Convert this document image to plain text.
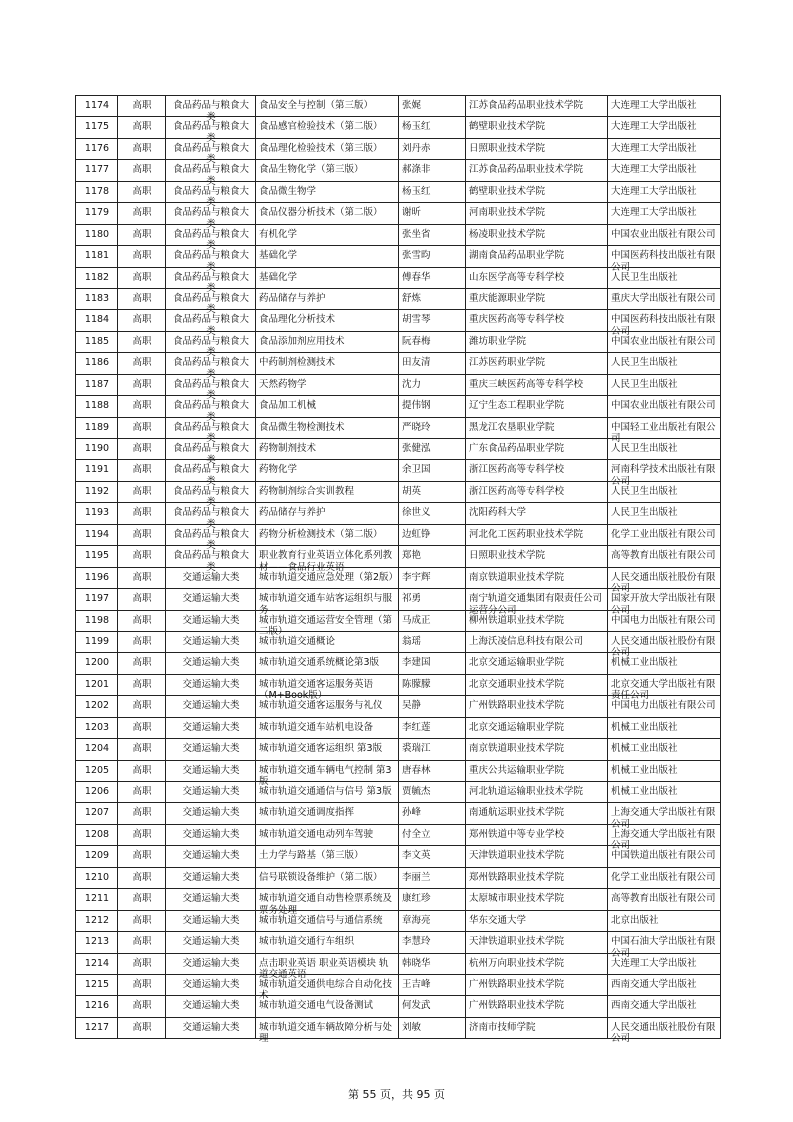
1174	高职	食品药品与粮食大类	食品安全与控制（第三版）	张娓	江苏食品药品职业技术学院	大连理工大学出版社

1175	高职	食品药品与粮食大类	食品感官检验技术（第二版）	杨玉红	鹤壁职业技术学院	大连理工大学出版社

1176	高职	食品药品与粮食大类	食品理化检验技术（第三版）	刘丹赤	日照职业技术学院	大连理工大学出版社

1177	高职	食品药品与粮食大类	食品生物化学（第三版）	郝涤非	江苏食品药品职业技术学院	大连理工大学出版社

1178	高职	食品药品与粮食大类	食品微生物学	杨玉红	鹤壁职业技术学院	大连理工大学出版社

1179	高职	食品药品与粮食大类	食品仪器分析技术（第二版）	谢昕	河南职业技术学院	大连理工大学出版社

1180	高职	食品药品与粮食大类	有机化学	张坐省	杨凌职业技术学院	中国农业出版社有限公司

1181	高职	食品药品与粮食大类	基础化学	张雪昀	湖南食品药品职业学院	中国医药科技出版社有限公司

1182	高职	食品药品与粮食大类	基础化学	傅春华	山东医学高等专科学校	人民卫生出版社

1183	高职	食品药品与粮食大类	药品储存与养护	舒炼	重庆能源职业学院	重庆大学出版社有限公司

1184	高职	食品药品与粮食大类	食品理化分析技术	胡雪琴	重庆医药高等专科学校	中国医药科技出版社有限公司

1185	高职	食品药品与粮食大类	食品添加剂应用技术	阮春梅	潍坊职业学院	中国农业出版社有限公司

1186	高职	食品药品与粮食大类	中药制剂检测技术	田友清	江苏医药职业学院	人民卫生出版社

1187	高职	食品药品与粮食大类	天然药物学	沈力	重庆三峡医药高等专科学校	人民卫生出版社

1188	高职	食品药品与粮食大类	食品加工机械	提伟钢	辽宁生态工程职业学院	中国农业出版社有限公司

1189	高职	食品药品与粮食大类	食品微生物检测技术	严晓玲	黑龙江农垦职业学院	中国轻工业出版社有限公司

1190	高职	食品药品与粮食大类	药物制剂技术	张健泓	广东食品药品职业学院	人民卫生出版社

1191	高职	食品药品与粮食大类	药物化学	余卫国	浙江医药高等专科学校	河南科学技术出版社有限公司

1192	高职	食品药品与粮食大类	药物制剂综合实训教程	胡英	浙江医药高等专科学校	人民卫生出版社

1193	高职	食品药品与粮食大类	药品储存与养护	徐世义	沈阳药科大学	人民卫生出版社

1194	高职	食品药品与粮食大类	药物分析检测技术（第二版）	边虹铮	河北化工医药职业技术学院	化学工业出版社有限公司

1195	高职	食品药品与粮食大类	职业教育行业英语立体化系列教材——食品行业英语	郑艳	日照职业技术学院	高等教育出版社有限公司

1196	高职	交通运输大类	城市轨道交通应急处理（第2版）	李宇辉	南京铁道职业技术学院	人民交通出版社股份有限公司

1197	高职	交通运输大类	城市轨道交通车站客运组织与服务	祁勇	南宁轨道交通集团有限责任公司运营分公司	国家开放大学出版社有限公司

1198	高职	交通运输大类	城市轨道交通运营安全管理（第二版）	马成正	柳州铁道职业技术学院	中国电力出版社有限公司

1199	高职	交通运输大类	城市轨道交通概论	翁瑶	上海沃凌信息科技有限公司	人民交通出版社股份有限公司

1200	高职	交通运输大类	城市轨道交通系统概论第3版	李建国	北京交通运输职业学院	机械工业出版社

1201	高职	交通运输大类	城市轨道交通客运服务英语（M+Book版）	陈朦朦	北京交通职业技术学院	北京交通大学出版社有限责任公司

1202	高职	交通运输大类	城市轨道交通客运服务与礼仪	吴静	广州铁路职业技术学院	中国电力出版社有限公司

1203	高职	交通运输大类	城市轨道交通车站机电设备	李红莲	北京交通运输职业学院	机械工业出版社

1204	高职	交通运输大类	城市轨道交通客运组织 第3版	裘瑞江	南京铁道职业技术学院	机械工业出版社

1205	高职	交通运输大类	城市轨道交通车辆电气控制 第3版	唐春林	重庆公共运输职业学院	机械工业出版社

1206	高职	交通运输大类	城市轨道交通通信与信号 第3版	贾毓杰	河北轨道运输职业技术学院	机械工业出版社

1207	高职	交通运输大类	城市轨道交通调度指挥	孙峰	南通航运职业技术学院	上海交通大学出版社有限公司

1208	高职	交通运输大类	城市轨道交通电动列车驾驶	付全立	郑州铁道中等专业学校	上海交通大学出版社有限公司

1209	高职	交通运输大类	土力学与路基（第三版）	李文英	天津铁道职业技术学院	中国铁道出版社有限公司

1210	高职	交通运输大类	信号联锁设备维护（第二版）	李丽兰	郑州铁路职业技术学院	化学工业出版社有限公司

1211	高职	交通运输大类	城市轨道交通自动售检票系统及票务处理	康红珍	太原城市职业技术学院	高等教育出版社有限公司

1212	高职	交通运输大类	城市轨道交通信号与通信系统	章海亮	华东交通大学	北京出版社

1213	高职	交通运输大类	城市轨道交通行车组织	李慧玲	天津铁道职业技术学院	中国石油大学出版社有限公司

1214	高职	交通运输大类	点击职业英语 职业英语模块 轨道交通英语	韩晓华	杭州万向职业技术学院	大连理工大学出版社

1215	高职	交通运输大类	城市轨道交通供电综合自动化技术	王吉峰	广州铁路职业技术学院	西南交通大学出版社

1216	高职	交通运输大类	城市轨道交通电气设备测试	何发武	广州铁路职业技术学院	西南交通大学出版社

1217	高职	交通运输大类	城市轨道交通车辆故障分析与处理	刘敏	济南市技师学院	人民交通出版社股份有限公司
第 55 页，共 95 页
